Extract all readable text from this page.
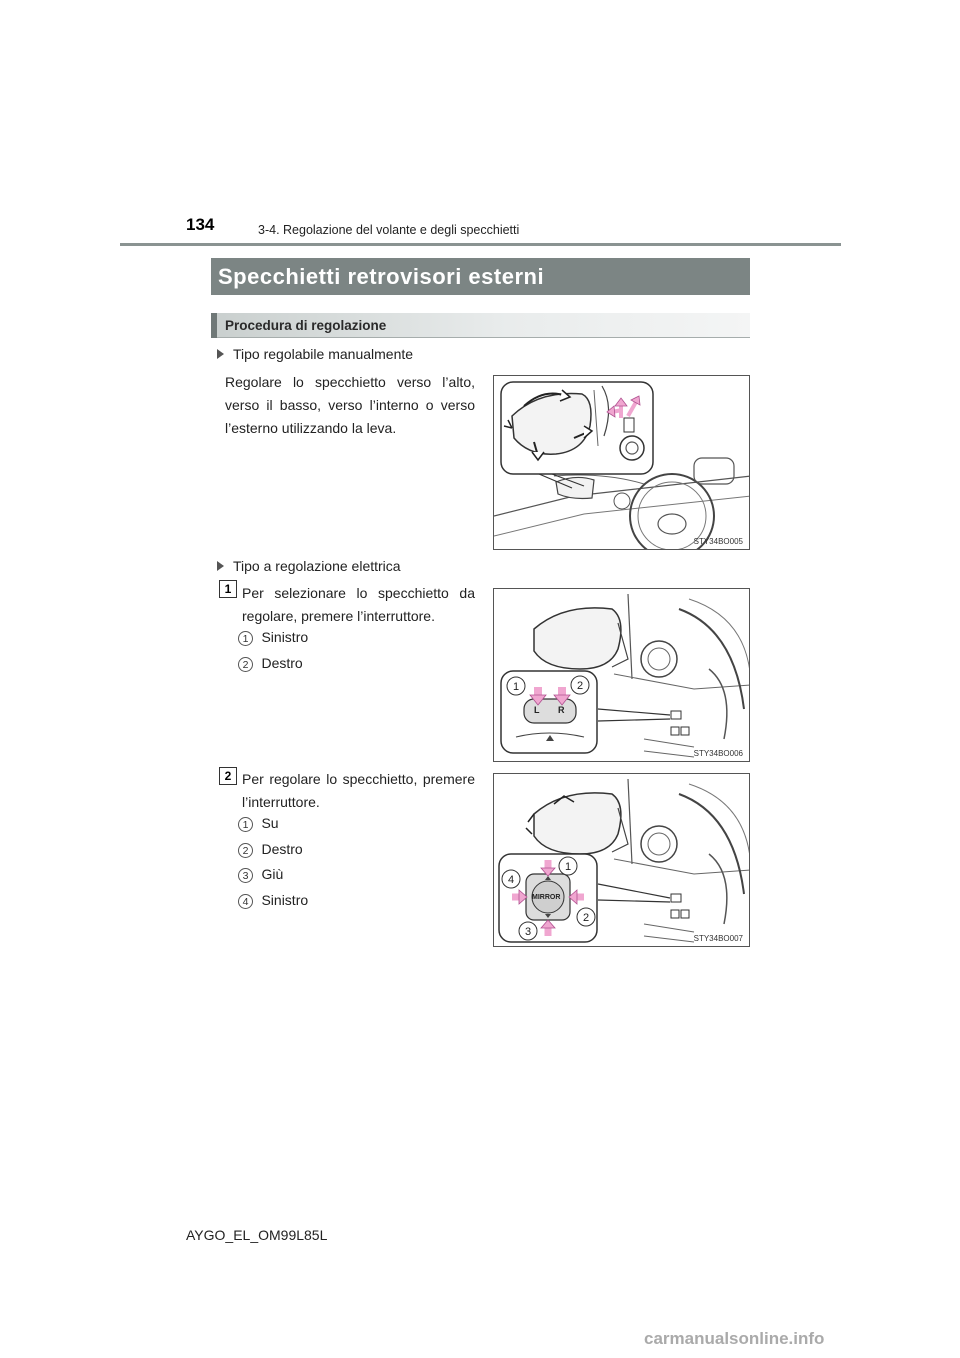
134	3-4. Regolazione del volante e degli specchietti
Specchietti retrovisori esterni
Procedura di regolazione
Tipo regolabile manualmente
Regolare lo specchietto verso l’alto, verso il basso, verso l’interno o verso l’esterno utilizzando la leva.
STY34BO005
Tipo a regolazione elettrica
1 Per selezionare lo specchietto da regolare, premere l’interruttore.
1 Sinistro
2 Destro
1	2
L R
STY34BO006
2 Per regolare lo specchietto, premere l’interruttore.
1 Su
2 Destro
3 Giù
4 Sinistro
1
2
3
4
MIRROR
STY34BO007
AYGO_EL_OM99L85L
carmanualsonline.info
